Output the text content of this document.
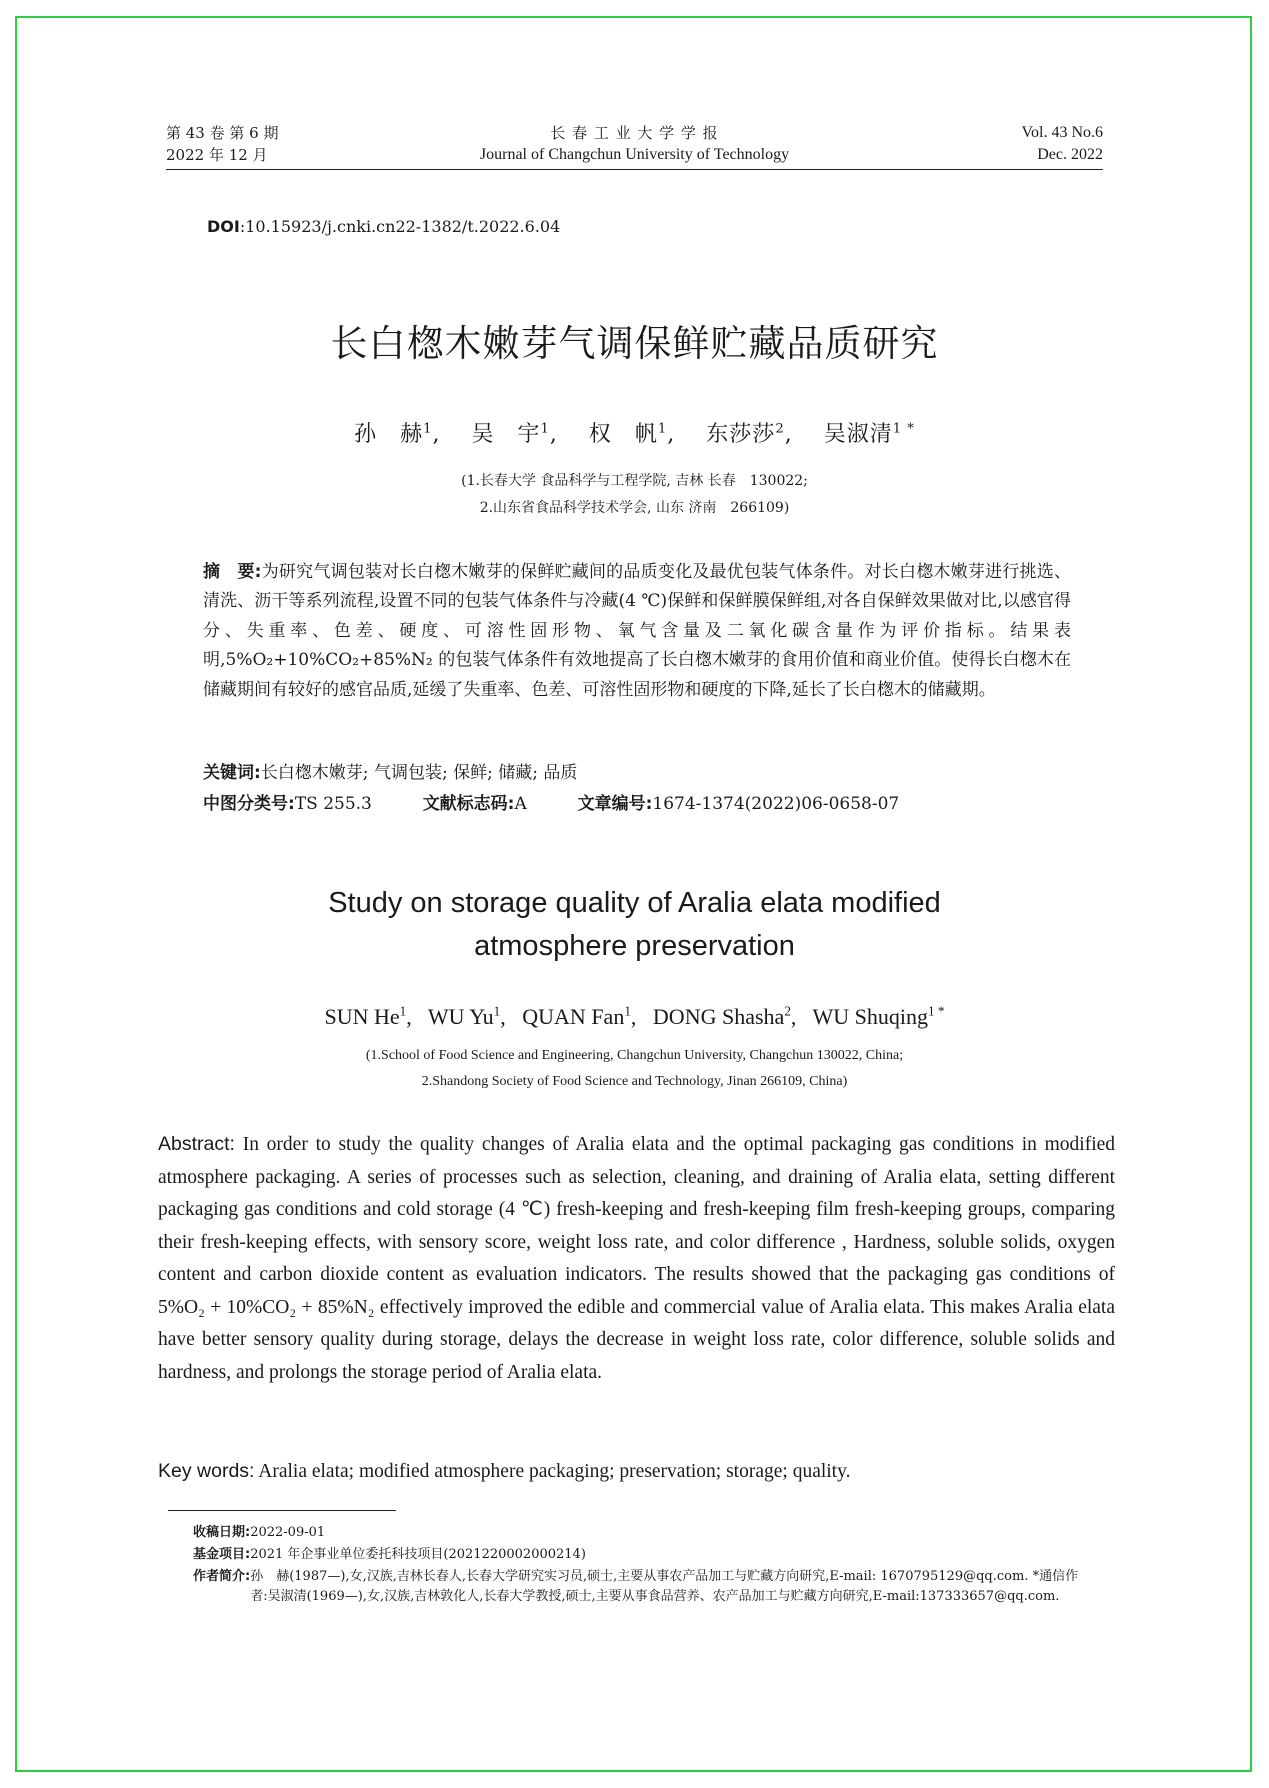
第 43 卷 第 6 期
2022 年 12 月
长 春 工 业 大 学 学 报
Journal of Changchun University of Technology
Vol. 43 No.6
Dec. 2022
DOI:10.15923/j.cnki.cn22-1382/t.2022.6.04
长白楤木嫩芽气调保鲜贮藏品质研究
孙　赫$^1$,　 吴　宇$^1$,　 权　帆$^1$,　 东莎莎$^2$,　 吴淑清$^{1 *}$
(1.长春大学 食品科学与工程学院, 吉林 长春　130022;
2.山东省食品科学技术学会, 山东 济南　266109)
摘　要:为研究气调包装对长白楤木嫩芽的保鲜贮藏间的品质变化及最优包装气体条件。对长白楤木嫩芽进行挑选、清洗、沥干等系列流程,设置不同的包装气体条件与冷藏(4 ℃)保鲜和保鲜膜保鲜组,对各自保鲜效果做对比,以感官得分、失重率、色差、硬度、可溶性固形物、氧气含量及二氧化碳含量作为评价指标。结果表明,5%O₂+10%CO₂+85%N₂ 的包装气体条件有效地提高了长白楤木嫩芽的食用价值和商业价值。使得长白楤木在储藏期间有较好的感官品质,延缓了失重率、色差、可溶性固形物和硬度的下降,延长了长白楤木的储藏期。
关键词:长白楤木嫩芽; 气调包装; 保鲜; 储藏; 品质
中图分类号:TS 255.3	文献标志码:A	文章编号:1674-1374(2022)06-0658-07
Study on storage quality of Aralia elata modified atmosphere preservation
SUN He$^1$,   WU Yu$^1$,   QUAN Fan$^1$,   DONG Shasha$^2$,   WU Shuqing$^{1 *}$
(1.School of Food Science and Engineering, Changchun University, Changchun 130022, China;
2.Shandong Society of Food Science and Technology, Jinan 266109, China)
Abstract: In order to study the quality changes of Aralia elata and the optimal packaging gas conditions in modified atmosphere packaging. A series of processes such as selection, cleaning, and draining of Aralia elata, setting different packaging gas conditions and cold storage (4 ℃) fresh-keeping and fresh-keeping film fresh-keeping groups, comparing their fresh-keeping effects, with sensory score, weight loss rate, and color difference , Hardness, soluble solids, oxygen content and carbon dioxide content as evaluation indicators. The results showed that the packaging gas conditions of 5%O₂ + 10%CO₂ + 85%N₂ effectively improved the edible and commercial value of Aralia elata. This makes Aralia elata have better sensory quality during storage, delays the decrease in weight loss rate, color difference, soluble solids and hardness, and prolongs the storage period of Aralia elata.
Key words: Aralia elata; modified atmosphere packaging; preservation; storage; quality.
收稿日期:2022-09-01
基金项目:2021 年企事业单位委托科技项目(2021220002000214)
作者简介: 孙　赫(1987—),女,汉族,吉林长春人,长春大学研究实习员,硕士,主要从事农产品加工与贮藏方向研究,E-mail: 1670795129@qq.com. *通信作者:吴淑清(1969—),女,汉族,吉林敦化人,长春大学教授,硕士,主要从事食品营养、农产品加工与贮藏方向研究,E-mail:137333657@qq.com.
